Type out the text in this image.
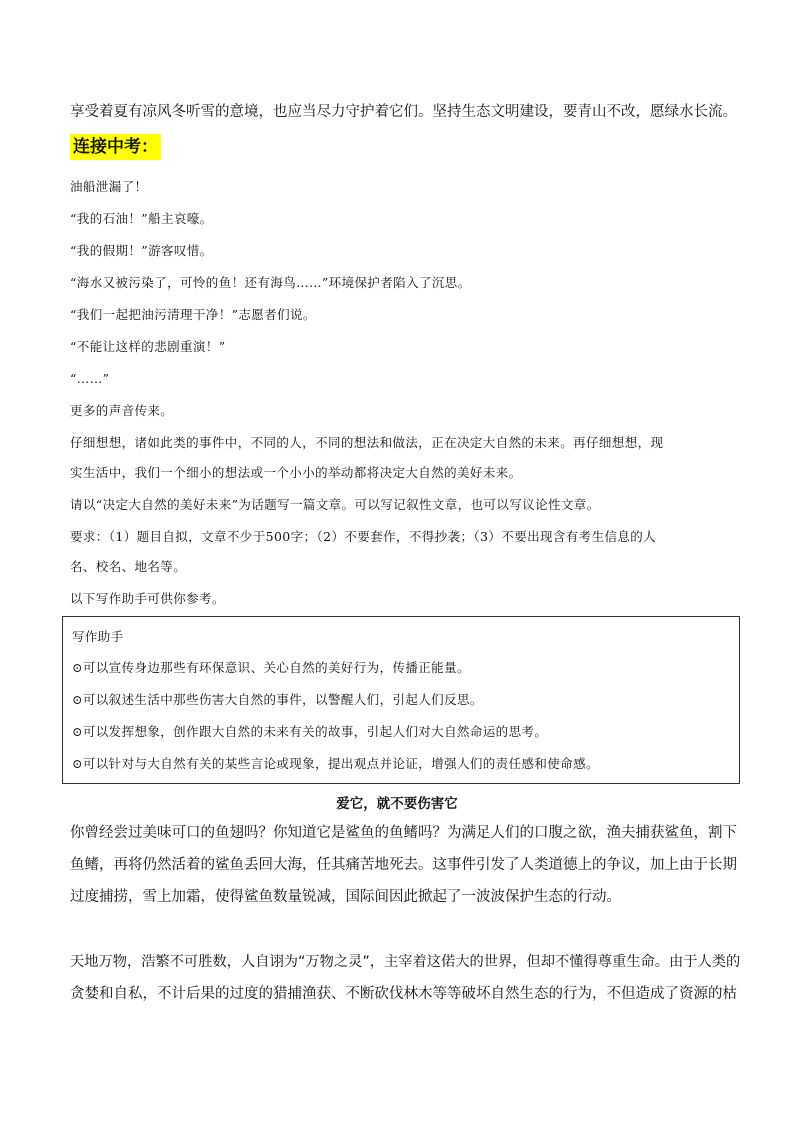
享受着夏有凉风冬听雪的意境，也应当尽力守护着它们。坚持生态文明建设，要青山不改，愿绿水长流。
连接中考：
油船泄漏了！
“我的石油！”船主哀嚎。
“我的假期！”游客叹惜。
“海水又被污染了，可怜的鱼！还有海鸟……”环境保护者陷入了沉思。
“我们一起把油污清理干净！”志愿者们说。
“不能让这样的悲剧重演！”
“……”
更多的声音传来。
仔细想想，诸如此类的事件中，不同的人，不同的想法和做法，正在决定大自然的未来。再仔细想想，现
实生活中，我们一个细小的想法或一个小小的举动都将决定大自然的美好未来。
请以“决定大自然的美好未来”为话题写一篇文章。可以写记叙性文章，也可以写议论性文章。
要求：（1）题目自拟，文章不少于500字；（2）不要套作，不得抄袭；（3）不要出现含有考生信息的人
名、校名、地名等。
以下写作助手可供你参考。
写作助手
⊙可以宣传身边那些有环保意识、关心自然的美好行为，传播正能量。
⊙可以叙述生活中那些伤害大自然的事件，以警醒人们，引起人们反思。
⊙可以发挥想象，创作跟大自然的未来有关的故事，引起人们对大自然命运的思考。
⊙可以针对与大自然有关的某些言论或现象，提出观点并论证，增强人们的责任感和使命感。
爱它，就不要伤害它
你曾经尝过美味可口的鱼翅吗？你知道它是鲨鱼的鱼鳍吗？为满足人们的口腹之欲，渔夫捕获鲨鱼，割下
鱼鳍，再将仍然活着的鲨鱼丢回大海，任其痛苦地死去。这事件引发了人类道德上的争议，加上由于长期
过度捕捞，雪上加霜，使得鲨鱼数量锐减，国际间因此掀起了一波波保护生态的行动。
天地万物，浩繁不可胜数，人自诩为“万物之灵”，主宰着这偌大的世界，但却不懂得尊重生命。由于人类的
贪婪和自私，不计后果的过度的猎捕渔获、不断砍伐林木等等破坏自然生态的行为，不但造成了资源的枯
